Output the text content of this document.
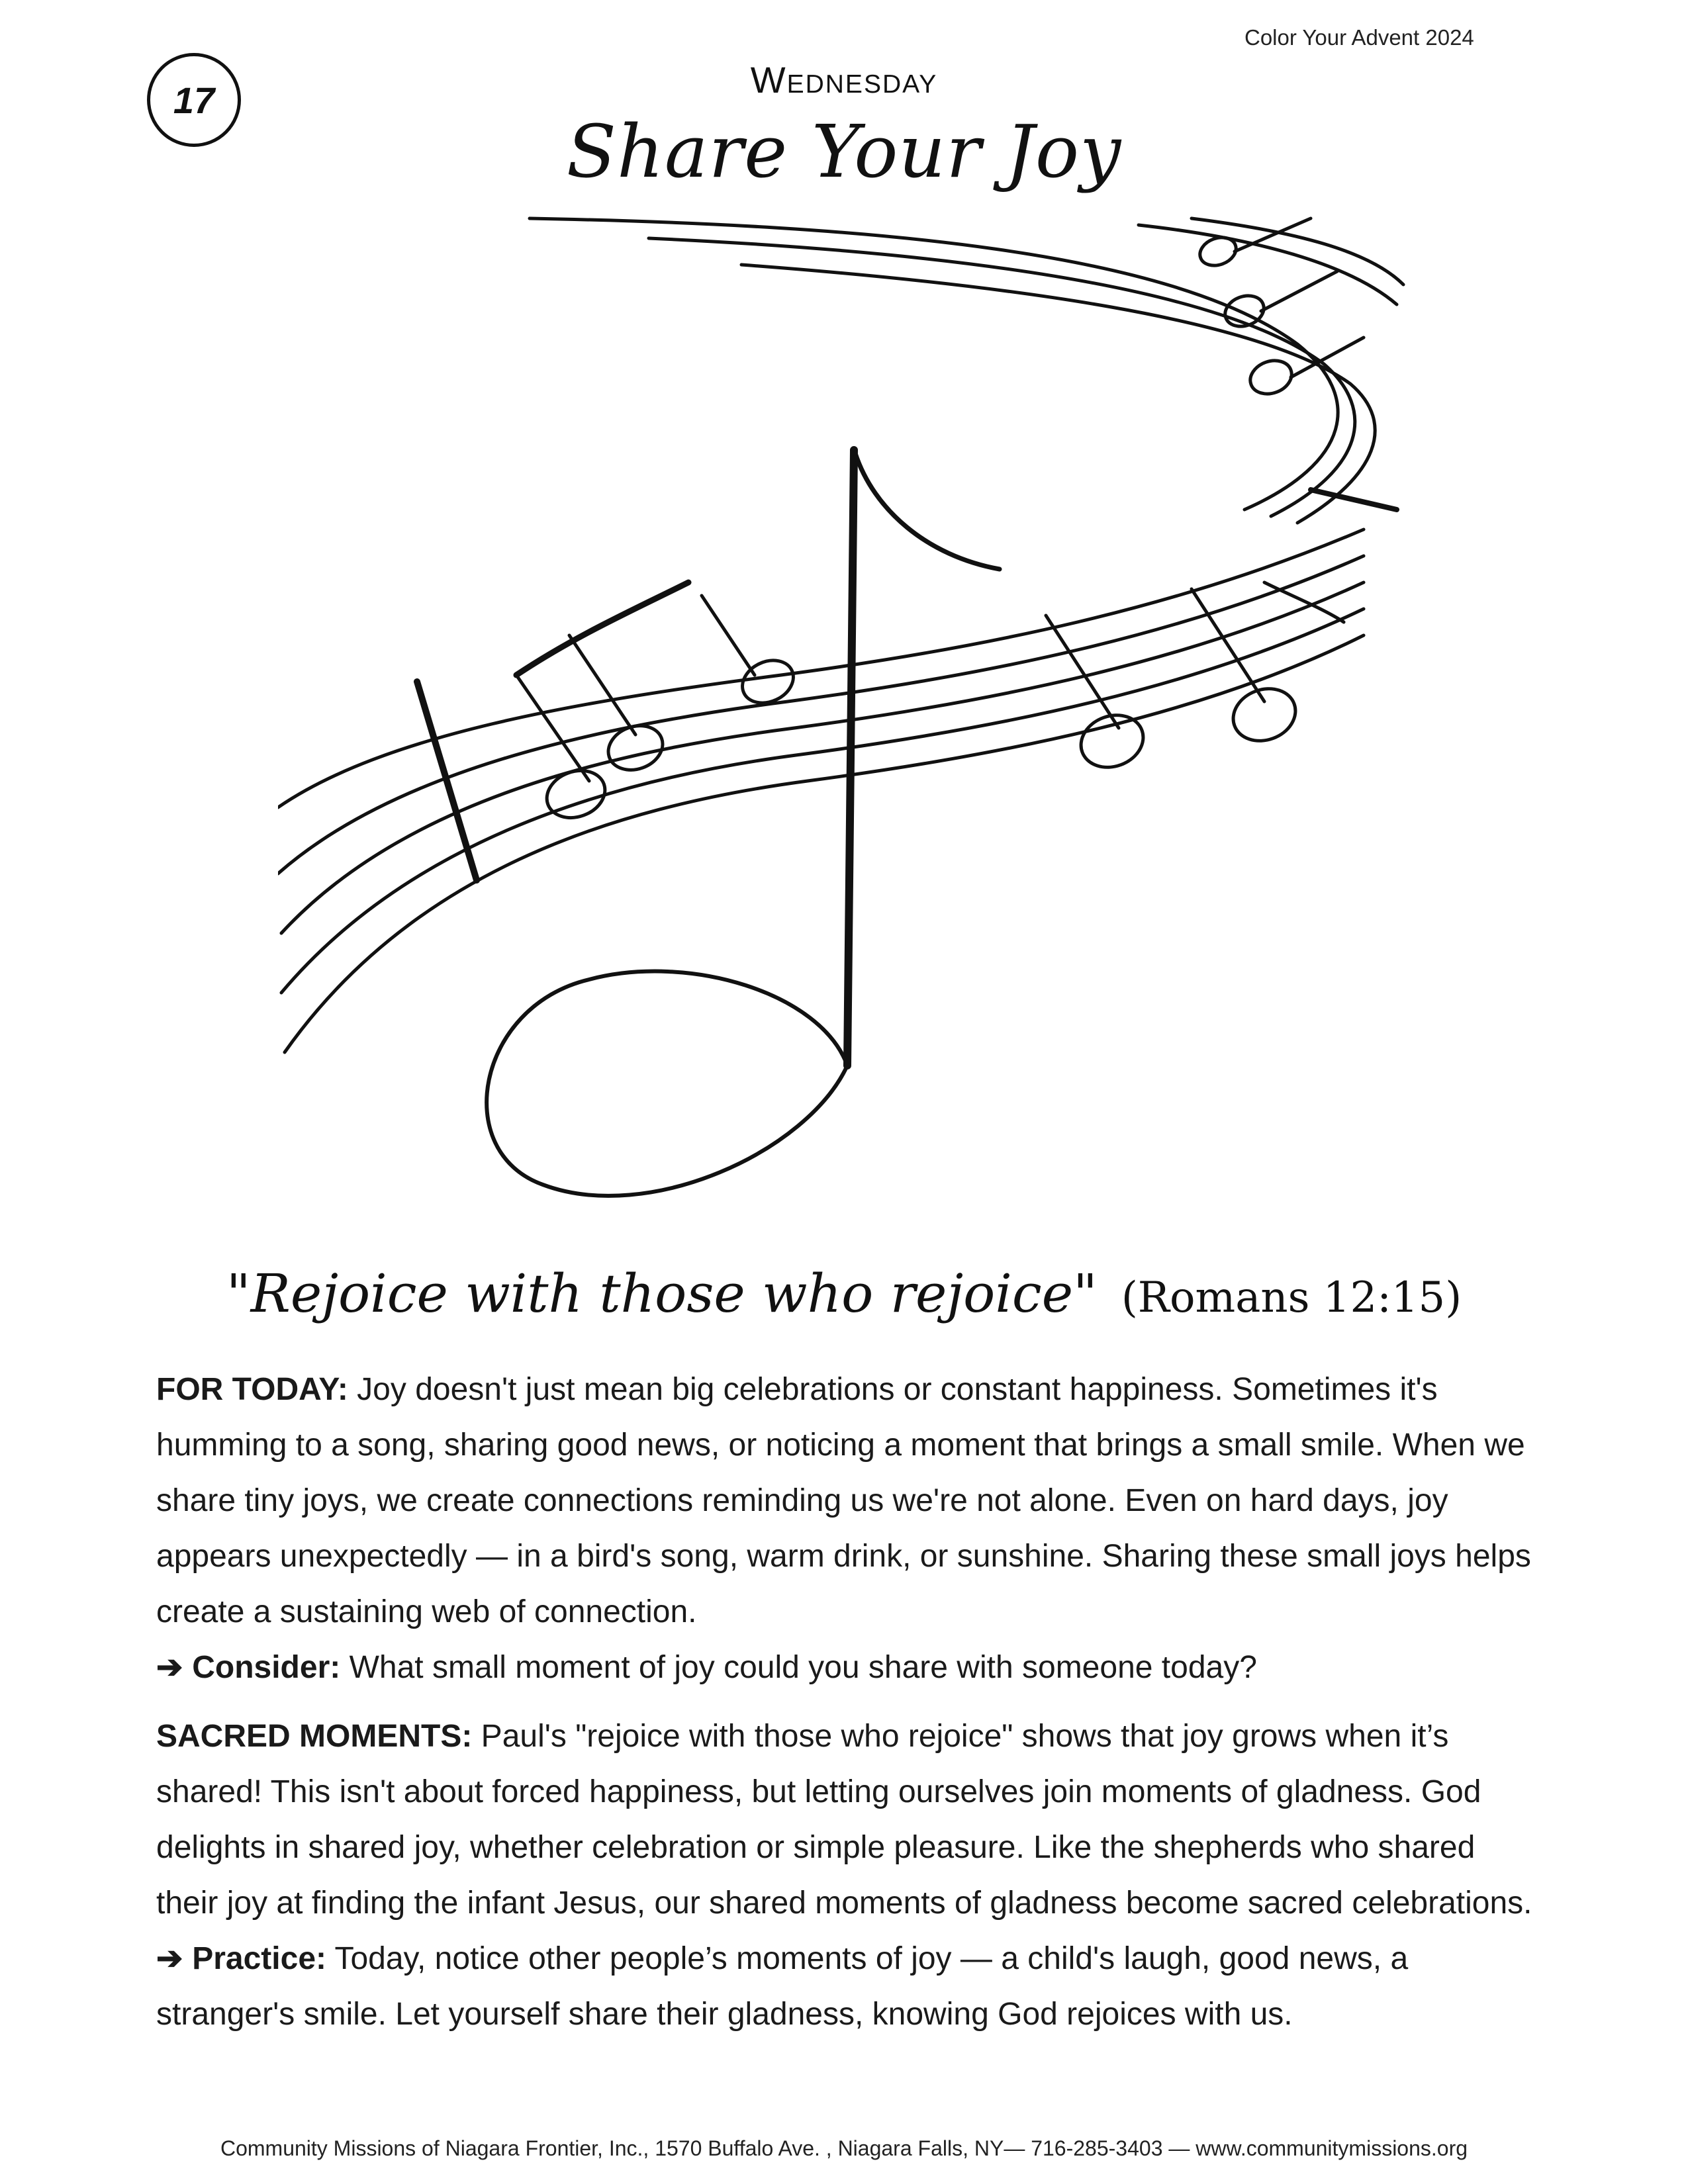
Color Your Advent 2024
17	Wednesday
Share Your Joy
"Rejoice with those who rejoice" (Romans 12:15)
FOR TODAY: Joy doesn't just mean big celebrations or constant happiness. Sometimes it's humming to a song, sharing good news, or noticing a moment that brings a small smile. When we share tiny joys, we create connections reminding us we're not alone. Even on hard days, joy appears unexpectedly — in a bird's song, warm drink, or sunshine. Sharing these small joys helps create a sustaining web of connection.
➔ Consider: What small moment of joy could you share with someone today?
SACRED MOMENTS: Paul's "rejoice with those who rejoice" shows that joy grows when it’s shared! This isn't about forced happiness, but letting ourselves join moments of gladness. God delights in shared joy, whether celebration or simple pleasure. Like the shepherds who shared their joy at finding the infant Jesus, our shared moments of gladness become sacred celebrations.
➔ Practice: Today, notice other people’s moments of joy — a child's laugh, good news, a stranger's smile. Let yourself share their gladness, knowing God rejoices with us.
Community Missions of Niagara Frontier, Inc., 1570 Buffalo Ave. , Niagara Falls, NY— 716-285-3403 — www.communitymissions.org
